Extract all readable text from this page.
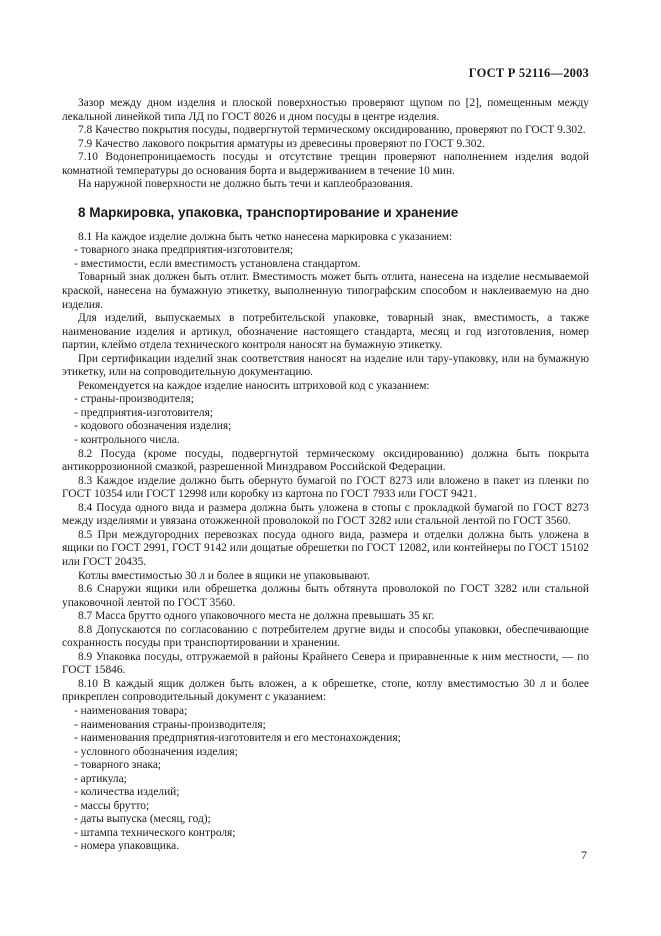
ГОСТ Р 52116—2003

Зазор между дном изделия и плоской поверхностью проверяют щупом по [2], помещенным между лекальной линейкой типа ЛД по ГОСТ 8026 и дном посуды в центре изделия.

7.8 Качество покрытия посуды, подвергнутой термическому оксидированию, проверяют по ГОСТ 9.302.

7.9 Качество лакового покрытия арматуры из древесины проверяют по ГОСТ 9.302.

7.10 Водонепроницаемость посуды и отсутствие трещин проверяют наполнением изделия водой комнатной температуры до основания борта и выдерживанием в течение 10 мин.

На наружной поверхности не должно быть течи и каплеобразования.

8 Маркировка, упаковка, транспортирование и хранение

8.1 На каждое изделие должна быть четко нанесена маркировка с указанием:

- товарного знака предприятия-изготовителя;

- вместимости, если вместимость установлена стандартом.

Товарный знак должен быть отлит. Вместимость может быть отлита, нанесена на изделие несмываемой краской, нанесена на бумажную этикетку, выполненную типографским способом и наклеиваемую на дно изделия.

Для изделий, выпускаемых в потребительской упаковке, товарный знак, вместимость, а также наименование изделия и артикул, обозначение настоящего стандарта, месяц и год изготовления, номер партии, клеймо отдела технического контроля наносят на бумажную этикетку.

При сертификации изделий знак соответствия наносят на изделие или тару-упаковку, или на бумажную этикетку, или на сопроводительную документацию.

Рекомендуется на каждое изделие наносить штриховой код с указанием:

- страны-производителя;

- предприятия-изготовителя;

- кодового обозначения изделия;

- контрольного числа.

8.2 Посуда (кроме посуды, подвергнутой термическому оксидированию) должна быть покрыта антикоррозионной смазкой, разрешенной Минздравом Российской Федерации.

8.3 Каждое изделие должно быть обернуто бумагой по ГОСТ 8273 или вложено в пакет из пленки по ГОСТ 10354 или ГОСТ 12998 или коробку из картона по ГОСТ 7933 или ГОСТ 9421.

8.4 Посуда одного вида и размера должна быть уложена в стопы с прокладкой бумагой по ГОСТ 8273 между изделиями и увязана отожженной проволокой по ГОСТ 3282 или стальной лентой по ГОСТ 3560.

8.5 При междугородних перевозках посуда одного вида, размера и отделки должна быть уложена в ящики по ГОСТ 2991, ГОСТ 9142 или дощатые обрешетки по ГОСТ 12082, или контейнеры по ГОСТ 15102 или ГОСТ 20435.

Котлы вместимостью 30 л и более в ящики не упаковывают.

8.6 Снаружи ящики или обрешетка должны быть обтянута проволокой по ГОСТ 3282 или стальной упаковочной лентой по ГОСТ 3560.

8.7 Масса брутто одного упаковочного места не должна превышать 35 кг.

8.8 Допускаются по согласованию с потребителем другие виды и способы упаковки, обеспечивающие сохранность посуды при транспортировании и хранении.

8.9 Упаковка посуды, отгружаемой в районы Крайнего Севера и приравненные к ним местности, — по ГОСТ 15846.

8.10 В каждый ящик должен быть вложен, а к обрешетке, стопе, котлу вместимостью 30 л и более прикреплен сопроводительный документ с указанием:

- наименования товара;

- наименования страны-производителя;

- наименования предприятия-изготовителя и его местонахождения;

- условного обозначения изделия;

- товарного знака;

- артикула;

- количества изделий;

- массы брутто;

- даты выпуска (месяц, год);

- штампа технического контроля;

- номера упаковщика.

7
